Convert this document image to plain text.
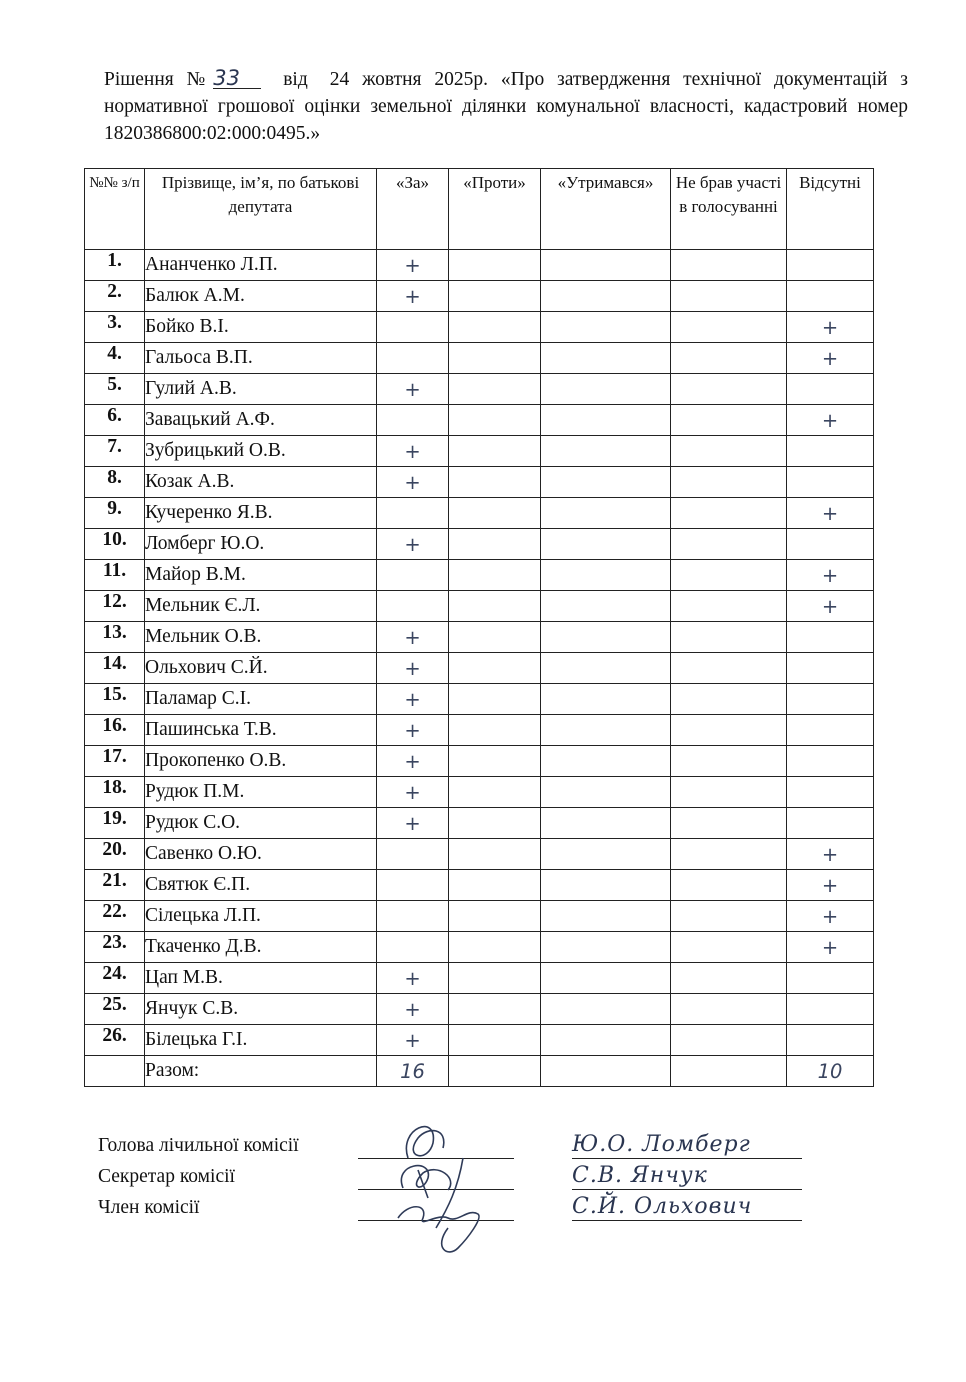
Рішення №33 від 24 жовтня 2025р. «Про затвердження технічної документацій з нормативної грошової оцінки земельної ділянки комунальної власності, кадастровий номер 1820386800:02:000:0495.»
№№ з/п	Прізвище, ім’я, по батькові депутата	«За»	«Проти»	«Утримався»	Не брав участі в голосуванні	Відсутні
1.	Ананченко Л.П.	+				
2.	Балюк А.М.	+				
3.	Бойко В.І.					+
4.	Гальоса В.П.					+
5.	Гулий А.В.	+				
6.	Завацький А.Ф.					+
7.	Зубрицький О.В.	+				
8.	Козак А.В.	+				
9.	Кучеренко Я.В.					+
10.	Ломберг Ю.О.	+				
11.	Майор В.М.					+
12.	Мельник Є.Л.					+
13.	Мельник О.В.	+				
14.	Ольхович С.Й.	+				
15.	Паламар С.І.	+				
16.	Пашинська Т.В.	+				
17.	Прокопенко О.В.	+				
18.	Рудюк П.М.	+				
19.	Рудюк С.О.	+				
20.	Савенко О.Ю.					+
21.	Святюк Є.П.					+
22.	Сілецька Л.П.					+
23.	Ткаченко Д.В.					+
24.	Цап М.В.	+				
25.	Янчук С.В.	+				
26.	Білецька Г.І.	+				
	Разом:	16				10
Голова лічильної комісії
Секретар комісії
Член комісії
Ю.О. Ломберг
С.В. Янчук
С.Й. Ольхович
